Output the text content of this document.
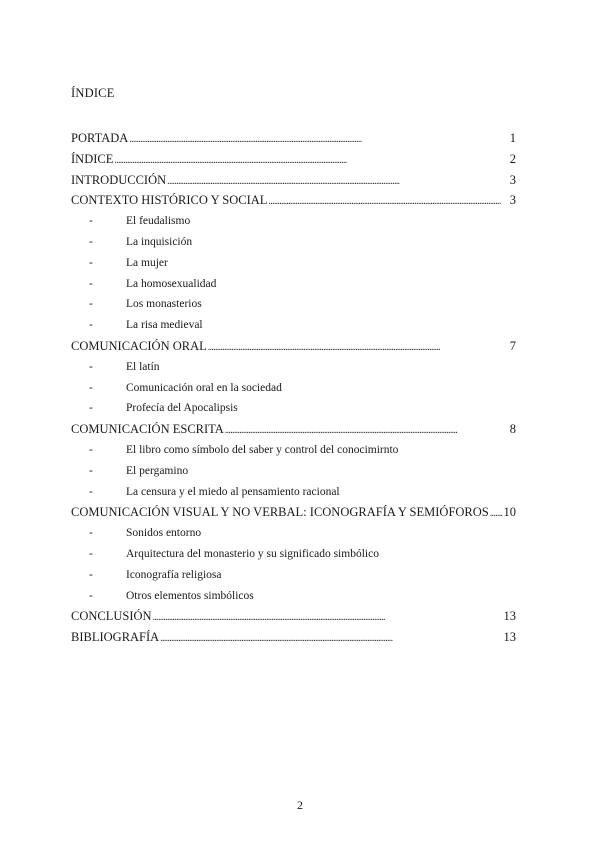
ÍNDICE
PORTADA . . .	1
ÍNDICE . . .	2
INTRODUCCIÓN . . .	3
CONTEXTO HISTÓRICO Y SOCIAL . . .	3
-	El feudalismo
-	La inquisición
-	La mujer
-	La homosexualidad
-	Los monasterios
-	La risa medieval
COMUNICACIÓN ORAL . . .	7
-	El latín
-	Comunicación oral en la sociedad
-	Profecía del Apocalipsis
COMUNICACIÓN ESCRITA . . .	8
-	El libro como símbolo del saber y control del conocimirnto
-	El pergamino
-	La censura y el miedo al pensamiento racional
COMUNICACIÓN VISUAL Y NO VERBAL: ICONOGRAFÍA Y SEMIÓFOROS . . . 10
-	Sonidos entorno
-	Arquitectura del monasterio y su significado simbólico
-	Iconografía religiosa
-	Otros elementos simbólicos
CONCLUSIÓN . . .	13
BIBLIOGRAFÍA . . .	13
2
